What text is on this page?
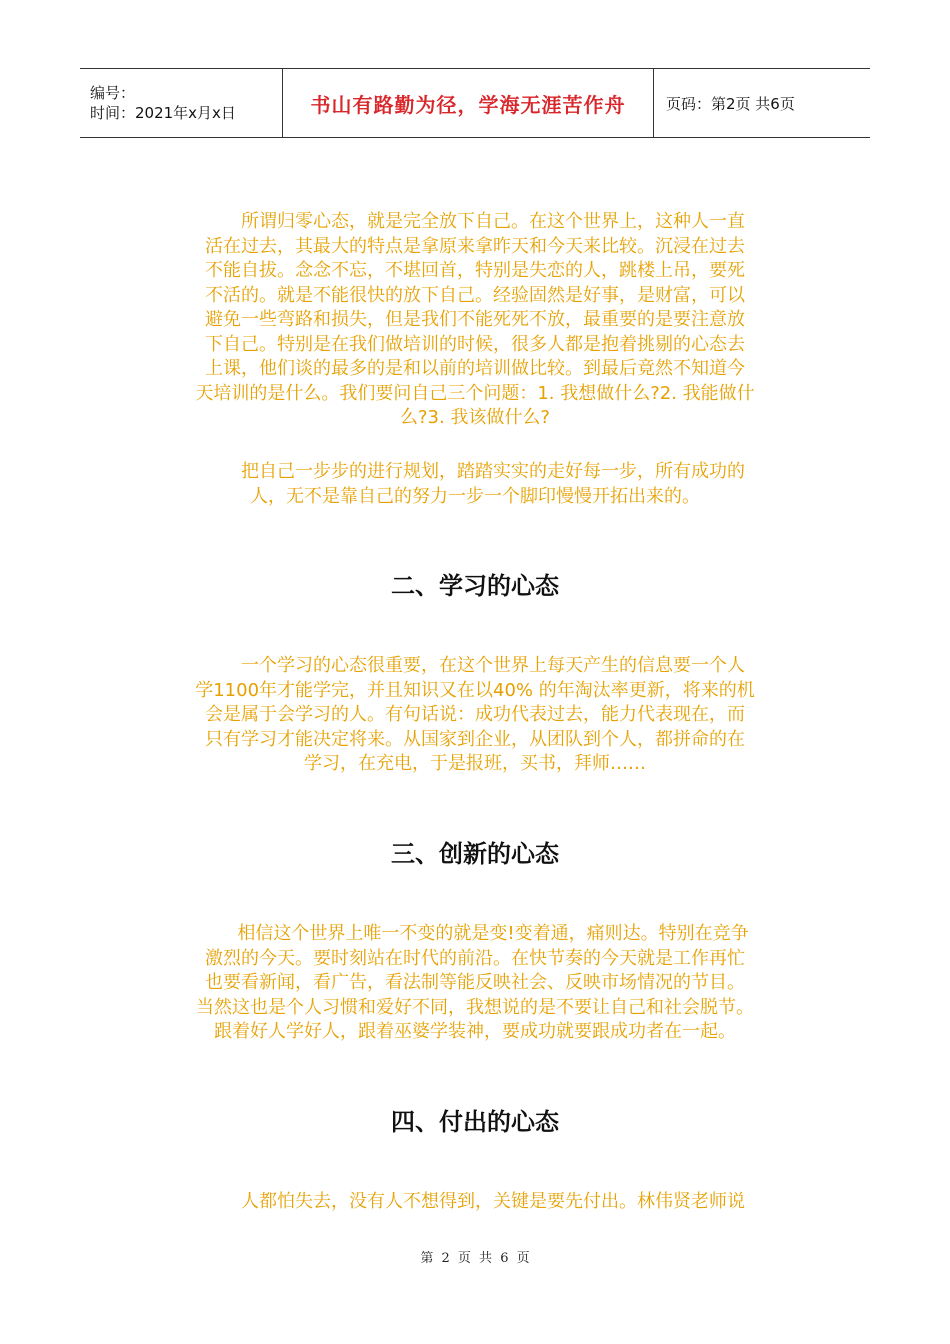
编号：
时间：2021年x月x日	书山有路勤为径，学海无涯苦作舟	页码：第2页 共6页
所谓归零心态，就是完全放下自己。在这个世界上，这种人一直
活在过去，其最大的特点是拿原来拿昨天和今天来比较。沉浸在过去
不能自拔。念念不忘，不堪回首，特别是失恋的人，跳楼上吊，要死
不活的。就是不能很快的放下自己。经验固然是好事，是财富，可以
避免一些弯路和损失，但是我们不能死死不放，最重要的是要注意放
下自己。特别是在我们做培训的时候，很多人都是抱着挑剔的心态去
上课，他们谈的最多的是和以前的培训做比较。到最后竟然不知道今
天培训的是什么。我们要问自己三个问题：1. 我想做什么?2. 我能做什
么?3. 我该做什么?
把自己一步步的进行规划，踏踏实实的走好每一步，所有成功的
人，无不是靠自己的努力一步一个脚印慢慢开拓出来的。
二、学习的心态
一个学习的心态很重要，在这个世界上每天产生的信息要一个人
学1100年才能学完，并且知识又在以40% 的年淘汰率更新，将来的机
会是属于会学习的人。有句话说：成功代表过去，能力代表现在，而
只有学习才能决定将来。从国家到企业，从团队到个人，都拼命的在
学习，在充电，于是报班，买书，拜师……
三、创新的心态
相信这个世界上唯一不变的就是变!变着通，痛则达。特别在竞争
激烈的今天。要时刻站在时代的前沿。在快节奏的今天就是工作再忙
也要看新闻，看广告，看法制等能反映社会、反映市场情况的节目。
当然这也是个人习惯和爱好不同，我想说的是不要让自己和社会脱节。
跟着好人学好人，跟着巫婆学装神，要成功就要跟成功者在一起。
四、付出的心态
人都怕失去，没有人不想得到，关键是要先付出。林伟贤老师说
第 2 页 共 6 页
